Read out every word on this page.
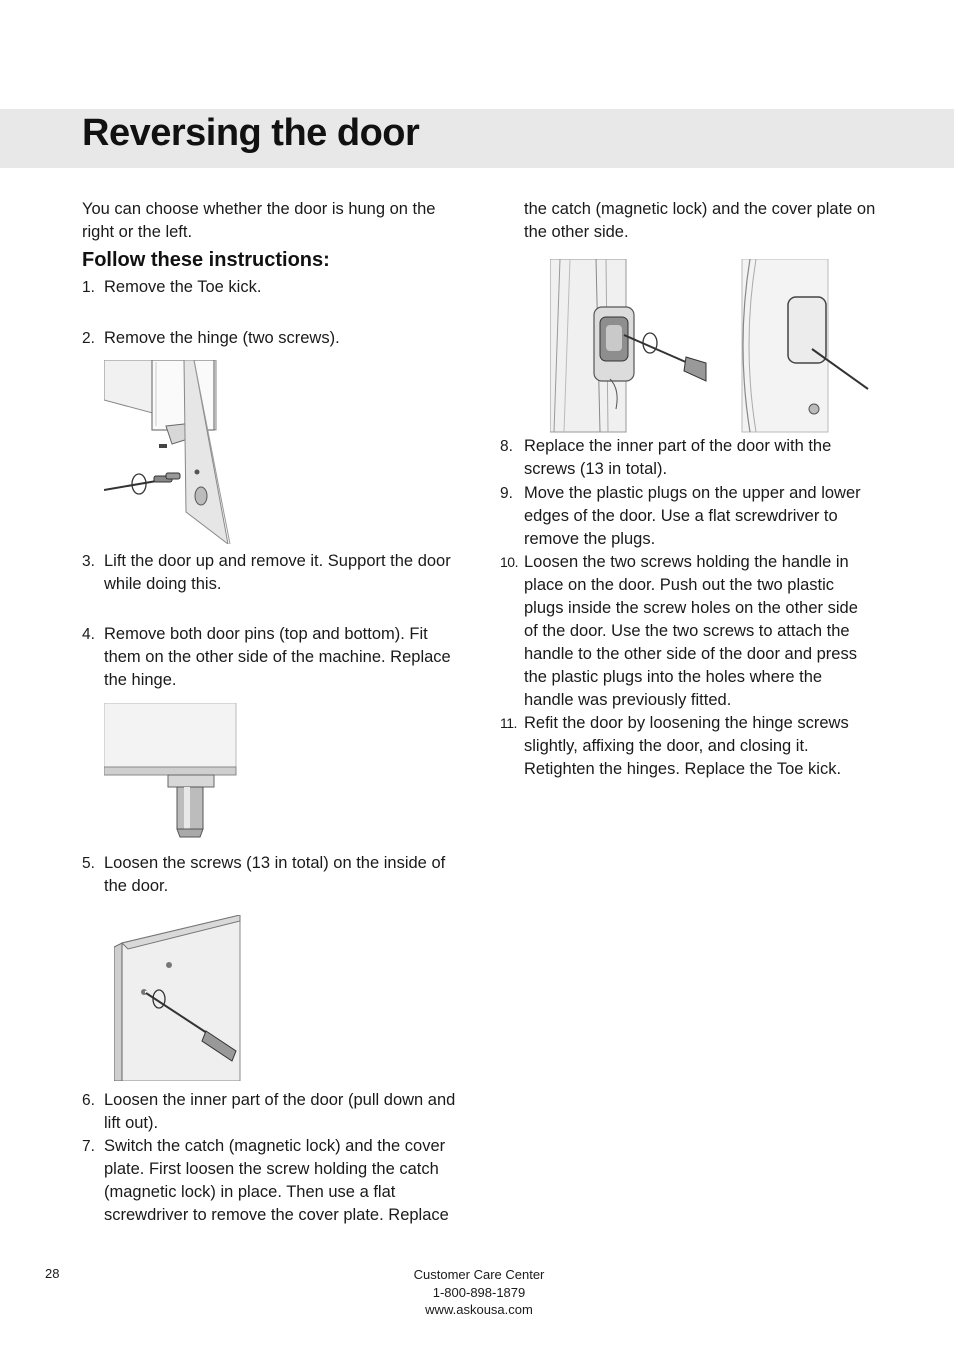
Reversing the door

You can choose whether the door is hung on the right or the left.

Follow these instructions:
1. Remove the Toe kick.

2. Remove the hinge (two screws).

3. Lift the door up and remove it. Support the door while doing this.

4. Remove both door pins (top and bottom). Fit them on the other side of the machine. Replace the hinge.

5. Loosen the screws (13 in total) on the inside of the door.

6. Loosen the inner part of the door (pull down and lift out).

7. Switch the catch (magnetic lock) and the cover plate. First loosen the screw holding the catch (magnetic lock) in place. Then use a flat screwdriver to remove the cover plate. Replace

the catch (magnetic lock) and the cover plate on the other side.

8. Replace the inner part of the door with the screws (13 in total).

9. Move the plastic plugs on the upper and lower edges of the door. Use a flat screwdriver to remove the plugs.

10. Loosen the two screws holding the handle in place on the door. Push out the two plastic plugs inside the screw holes on the other side of the door. Use the two screws to attach the handle to the other side of the door and press the plastic plugs into the holes where the handle was previously fitted.

11. Refit the door by loosening the hinge screws slightly, affixing the door, and closing it. Retighten the hinges. Replace the Toe kick.

28	Customer Care Center
1-800-898-1879
www.askousa.com
